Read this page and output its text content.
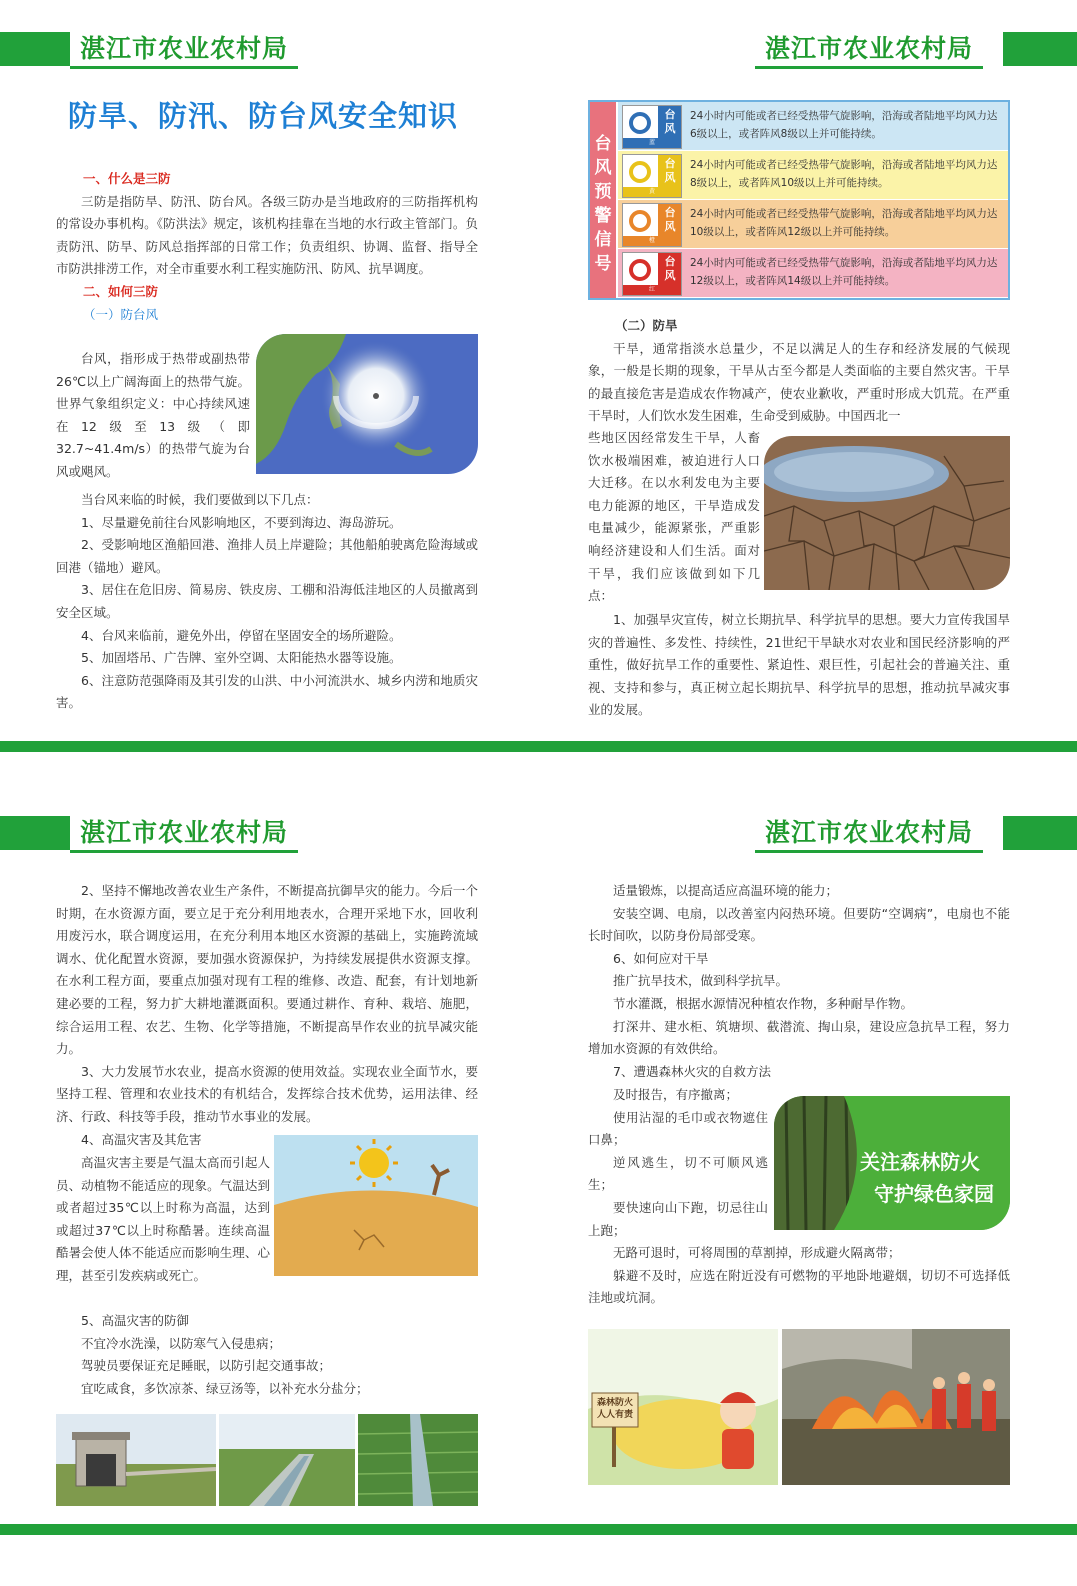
湛江市农业农村局	湛江市农业农村局
湛江市农业农村局	湛江市农业农村局
防旱、防汛、防台风安全知识

一、什么是三防

三防是指防旱、防汛、防台风。各级三防办是当地政府的三防指挥机构的常设办事机构。《防洪法》规定，该机构挂靠在当地的水行政主管部门。负责防汛、防旱、防风总指挥部的日常工作；负责组织、协调、监督、指导全市防洪排涝工作，对全市重要水利工程实施防汛、防风、抗旱调度。

二、如何三防

（一）防台风

台风，指形成于热带或副热带26℃以上广阔海面上的热带气旋。世界气象组织定义：中心持续风速在12级至13级（即32.7~41.4m/s）的热带气旋为台风或飓风。

当台风来临的时候，我们要做到以下几点：

1、尽量避免前往台风影响地区，不要到海边、海岛游玩。

2、受影响地区渔船回港、渔排人员上岸避险；其他船舶驶离危险海域或回港（锚地）避风。

3、居住在危旧房、简易房、铁皮房、工棚和沿海低洼地区的人员撤离到安全区域。

4、台风来临前，避免外出，停留在坚固安全的场所避险。

5、加固塔吊、广告牌、室外空调、太阳能热水器等设施。

6、注意防范强降雨及其引发的山洪、中小河流洪水、城乡内涝和地质灾害。

台
风
预
警
信
号
台风
蓝
24小时内可能或者已经受热带气旋影响，沿海或者陆地平均风力达6级以上，或者阵风8级以上并可能持续。
台风
黄
24小时内可能或者已经受热带气旋影响，沿海或者陆地平均风力达8级以上，或者阵风10级以上并可能持续。
台风
橙
24小时内可能或者已经受热带气旋影响，沿海或者陆地平均风力达10级以上，或者阵风12级以上并可能持续。
台风
红
24小时内可能或者已经受热带气旋影响，沿海或者陆地平均风力达12级以上，或者阵风14级以上并可能持续。

（二）防旱

干旱，通常指淡水总量少，不足以满足人的生存和经济发展的气候现象，一般是长期的现象，干旱从古至今都是人类面临的主要自然灾害。干旱的最直接危害是造成农作物减产，使农业歉收，严重时形成大饥荒。在严重干旱时，人们饮水发生困难，生命受到威胁。中国西北一

些地区因经常发生干旱，人畜饮水极端困难，被迫进行人口大迁移。在以水利发电为主要电力能源的地区，干旱造成发电量减少，能源紧张，严重影响经济建设和人们生活。面对干旱，我们应该做到如下几点：

1、加强旱灾宣传，树立长期抗旱、科学抗旱的思想。要大力宣传我国旱灾的普遍性、多发性、持续性，21世纪干旱缺水对农业和国民经济影响的严重性，做好抗旱工作的重要性、紧迫性、艰巨性，引起社会的普遍关注、重视、支持和参与，真正树立起长期抗旱、科学抗旱的思想，推动抗旱减灾事业的发展。

2、坚持不懈地改善农业生产条件，不断提高抗御旱灾的能力。今后一个时期，在水资源方面，要立足于充分利用地表水，合理开采地下水，回收利用废污水，联合调度运用，在充分利用本地区水资源的基础上，实施跨流域调水、优化配置水资源，要加强水资源保护，为持续发展提供水资源支撑。在水利工程方面，要重点加强对现有工程的维修、改造、配套，有计划地新建必要的工程，努力扩大耕地灌溉面积。要通过耕作、育种、栽培、施肥，综合运用工程、农艺、生物、化学等措施，不断提高旱作农业的抗旱减灾能力。

3、大力发展节水农业，提高水资源的使用效益。实现农业全面节水，要坚持工程、管理和农业技术的有机结合，发挥综合技术优势，运用法律、经济、行政、科技等手段，推动节水事业的发展。

4、高温灾害及其危害

高温灾害主要是气温太高而引起人员、动植物不能适应的现象。气温达到或者超过35℃以上时称为高温，达到或超过37℃以上时称酷暑。连续高温酷暑会使人体不能适应而影响生理、心理，甚至引发疾病或死亡。

5、高温灾害的防御

不宜冷水洗澡，以防寒气入侵患病；

驾驶员要保证充足睡眠，以防引起交通事故；

宜吃咸食，多饮凉茶、绿豆汤等，以补充水分盐分；

适量锻炼，以提高适应高温环境的能力；

安装空调、电扇，以改善室内闷热环境。但要防“空调病”，电扇也不能长时间吹，以防身份局部受寒。

6、如何应对干旱

推广抗旱技术，做到科学抗旱。

节水灌溉，根据水源情况种植农作物，多种耐旱作物。

打深井、建水柜、筑塘坝、截潜流、掏山泉，建设应急抗旱工程，努力增加水资源的有效供给。

7、遭遇森林火灾的自救方法

及时报告，有序撤离；

使用沾湿的毛巾或衣物遮住口鼻；

逆风逃生，切不可顺风逃生；

要快速向山下跑，切忌往山上跑；

关注森林防火
守护绿色家园

无路可退时，可将周围的草割掉，形成避火隔离带；

躲避不及时，应选在附近没有可燃物的平地卧地避烟，切切不可选择低洼地或坑洞。

森林防火 人人有责
